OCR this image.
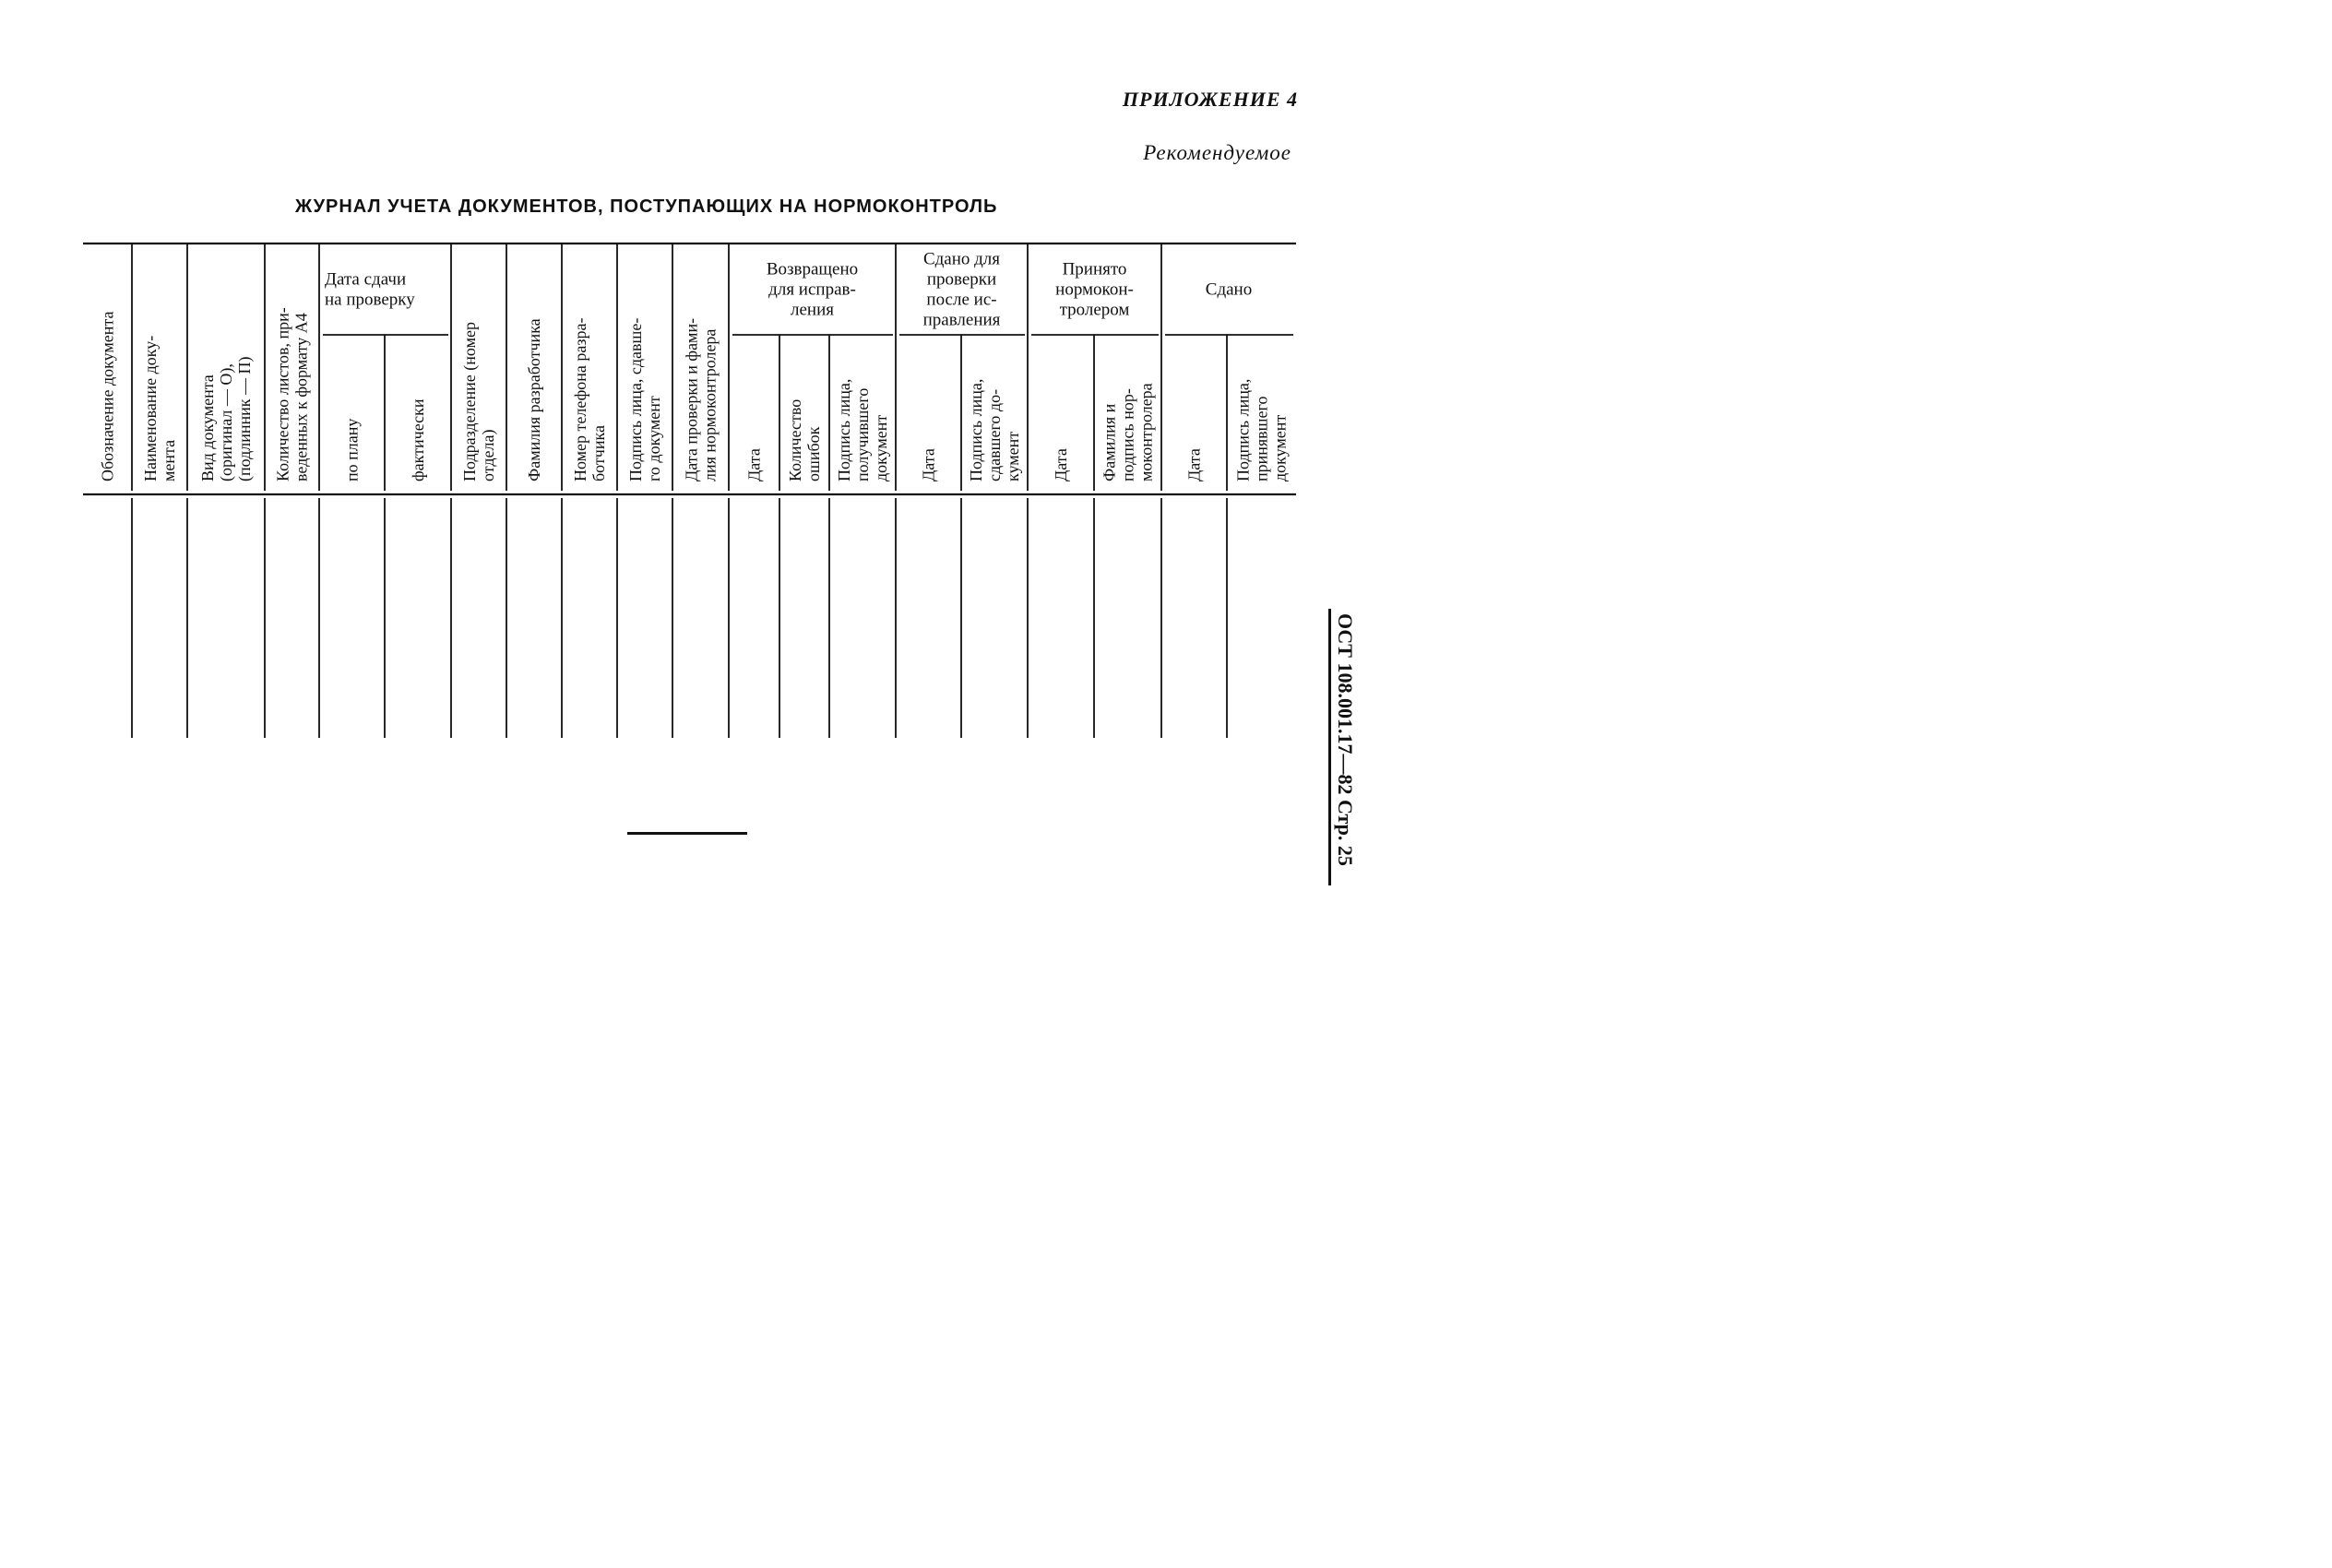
ПРИЛОЖЕНИЕ 4
Рекомендуемое
ЖУРНАЛ УЧЕТА ДОКУМЕНТОВ, ПОСТУПАЮЩИХ НА НОРМОКОНТРОЛЬ
Обозначение документа Наименование доку-мента Вид документа(оригинал — О),(подлинник — П) Количество листов, при-веденных к формату А4 по плану	фактически Подразделение (номеротдела) Фамилия разработчика Номер телефона разра-ботчика Подпись лица, сдавше-го документ Дата проверки и фами-лия нормоконтролера Дата Количествоошибок Подпись лица,получившегодокумент Дата Подпись лица,сдавшего до-кумент Дата Фамилия иподпись нор-моконтролера Дата Подпись лица,принявшегодокумент
Дата сдачи на проверку
Возвращено для исправ-ления
Сдано для проверки после ис-правления
Принято нормокон-тролером
Сдано
ОСТ 108.001.17—82 Стр. 25
